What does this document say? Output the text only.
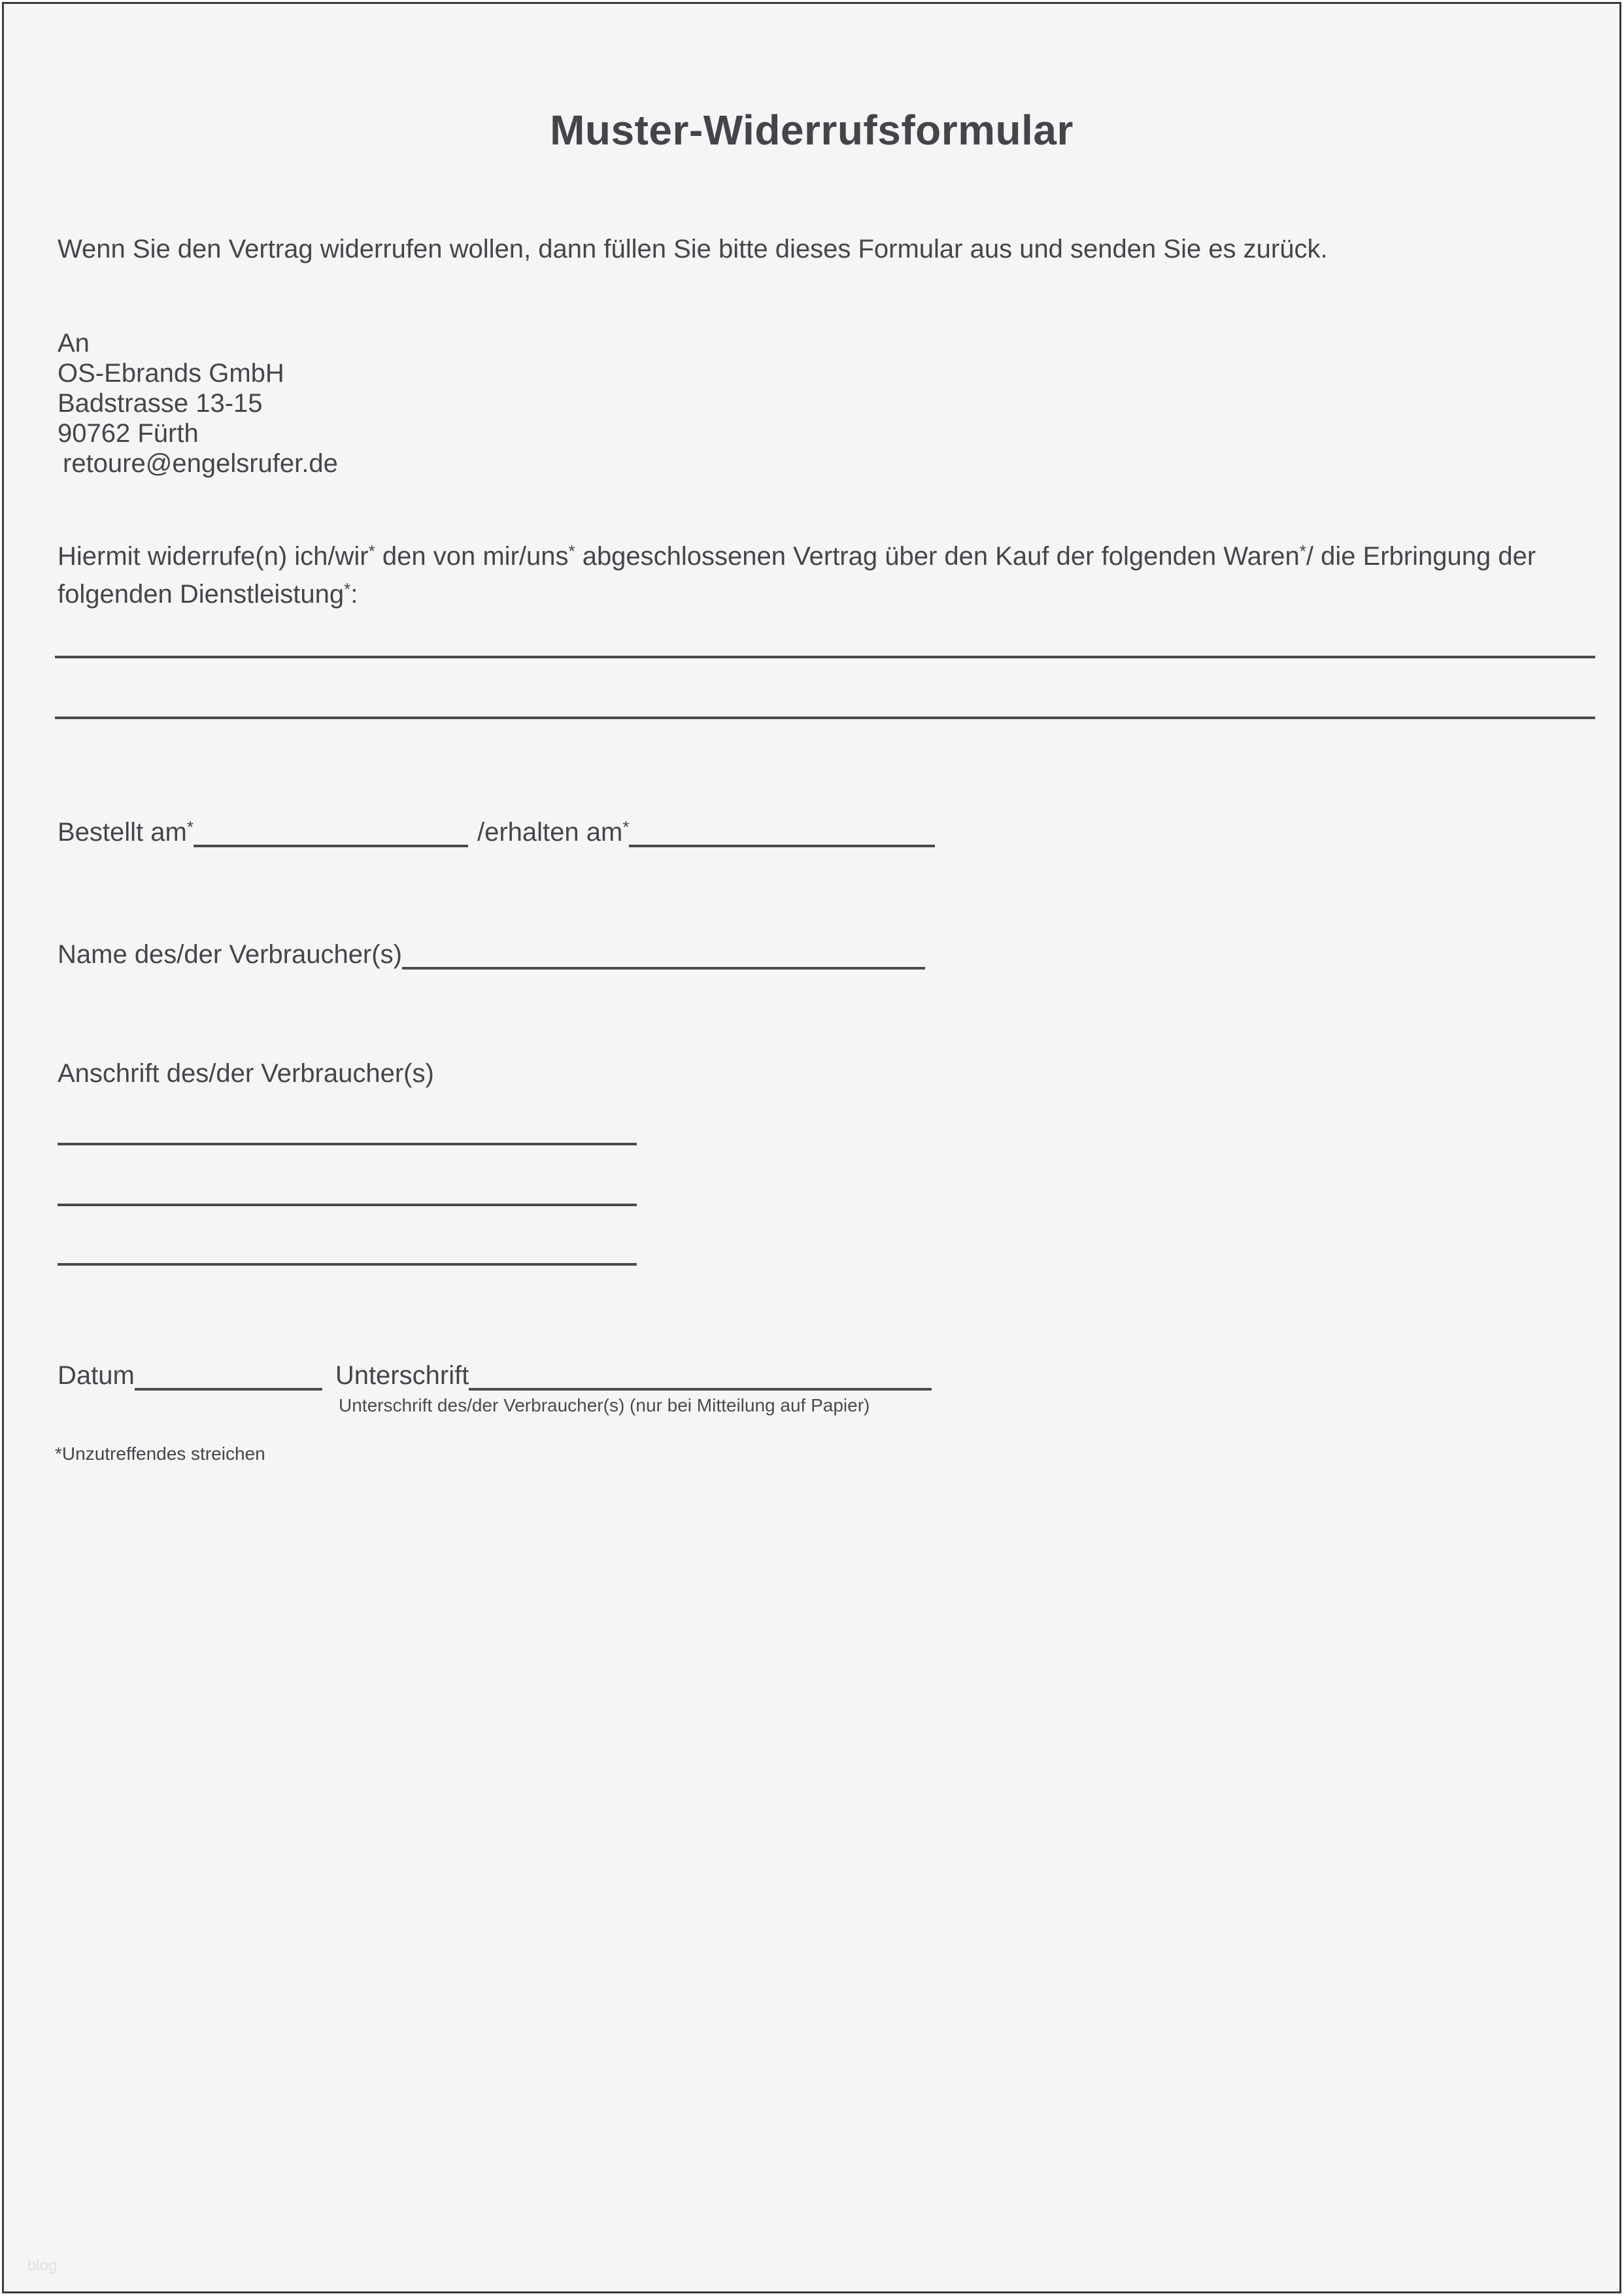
Muster-Widerrufsformular
Wenn Sie den Vertrag widerrufen wollen, dann füllen Sie bitte dieses Formular aus und senden Sie es zurück.
An
OS-Ebrands GmbH
Badstrasse 13-15
90762 Fürth
retoure@engelsrufer.de
Hiermit widerrufe(n) ich/wir* den von mir/uns* abgeschlossenen Vertrag über den Kauf der folgenden Waren*/ die Erbringung der
folgenden Dienstleistung*:
Bestellt am*	/erhalten am*
Name des/der Verbraucher(s)
Anschrift des/der Verbraucher(s)
Datum	Unterschrift
Unterschrift des/der Verbraucher(s) (nur bei Mitteilung auf Papier)
*Unzutreffendes streichen
blog
